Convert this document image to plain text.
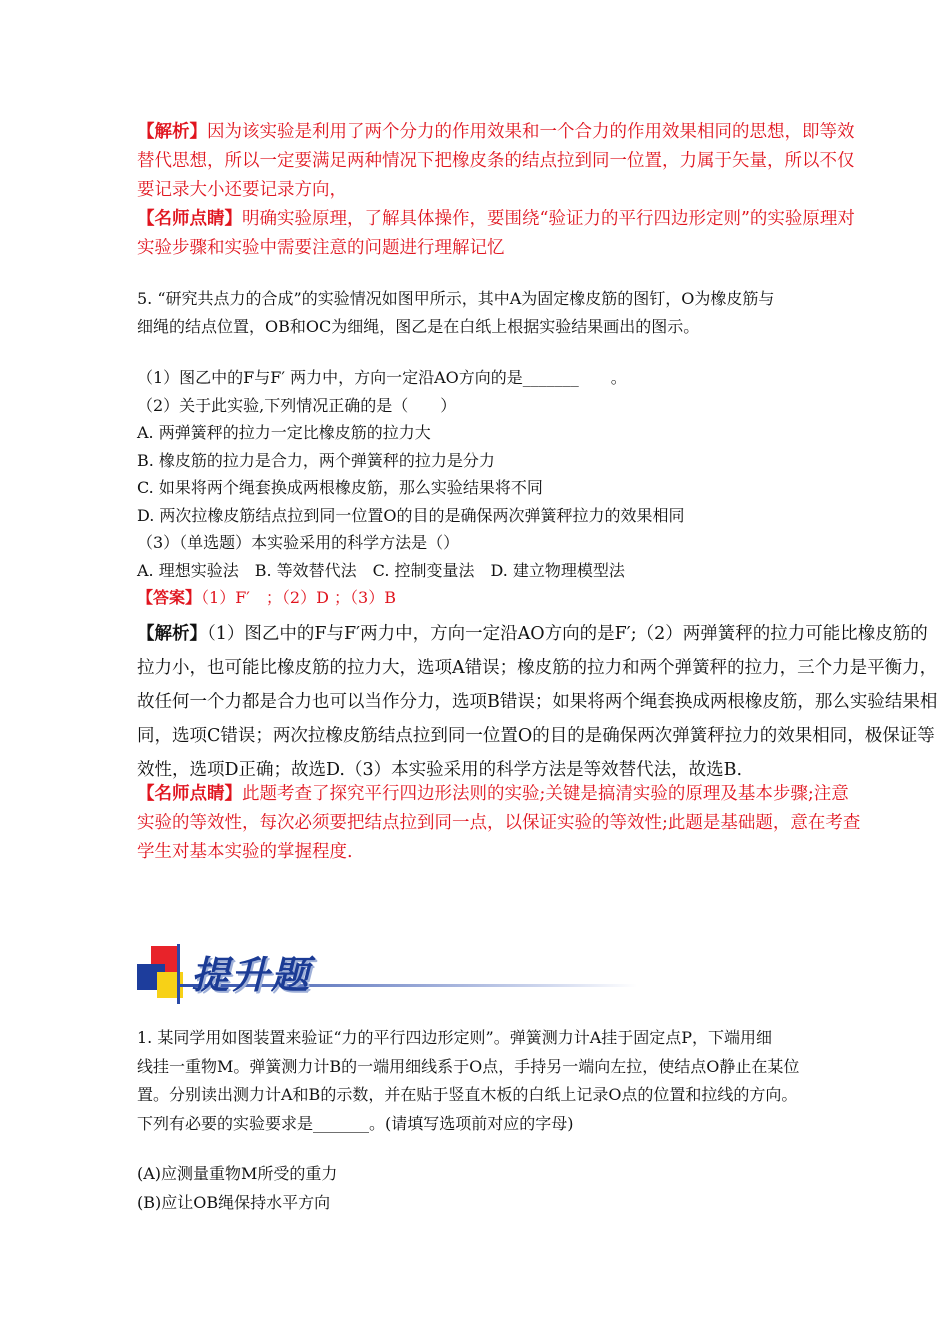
【解析】因为该实验是利用了两个分力的作用效果和一个合力的作用效果相同的思想，即等效
替代思想，所以一定要满足两种情况下把橡皮条的结点拉到同一位置，力属于矢量，所以不仅
要记录大小还要记录方向，
【名师点睛】明确实验原理，了解具体操作，要围绕“验证力的平行四边形定则”的实验原理对
实验步骤和实验中需要注意的问题进行理解记忆
5. “研究共点力的合成”的实验情况如图甲所示，其中A为固定橡皮筋的图钉，O为橡皮筋与
细绳的结点位置，OB和OC为细绳，图乙是在白纸上根据实验结果画出的图示。
（1）图乙中的F与F′ 两力中，方向一定沿AO方向的是_______　　。
（2）关于此实验,下列情况正确的是（　　）
A. 两弹簧秤的拉力一定比橡皮筋的拉力大
B. 橡皮筋的拉力是合力，两个弹簧秤的拉力是分力
C. 如果将两个绳套换成两根橡皮筋，那么实验结果将不同
D. 两次拉橡皮筋结点拉到同一位置O的目的是确保两次弹簧秤拉力的效果相同
（3）（单选题）本实验采用的科学方法是（）
A. 理想实验法　B. 等效替代法　C. 控制变量法　D. 建立物理模型法
【答案】（1）F′　；（2）D ；（3）B
【解析】（1）图乙中的F与F′两力中，方向一定沿AO方向的是F′;（2）两弹簧秤的拉力可能比橡皮筋的
拉力小，也可能比橡皮筋的拉力大，选项A错误；橡皮筋的拉力和两个弹簧秤的拉力，三个力是平衡力，
故任何一个力都是合力也可以当作分力，选项B错误；如果将两个绳套换成两根橡皮筋，那么实验结果相
同，选项C错误；两次拉橡皮筋结点拉到同一位置O的目的是确保两次弹簧秤拉力的效果相同，极保证等
效性，选项D正确；故选D.（3）本实验采用的科学方法是等效替代法，故选B.
【名师点睛】此题考查了探究平行四边形法则的实验;关键是搞清实验的原理及基本步骤;注意
实验的等效性，每次必须要把结点拉到同一点，以保证实验的等效性;此题是基础题，意在考查
学生对基本实验的掌握程度.
提升题
1. 某同学用如图装置来验证“力的平行四边形定则”。弹簧测力计A挂于固定点P，下端用细
线挂一重物M。弹簧测力计B的一端用细线系于O点，手持另一端向左拉，使结点O静止在某位
置。分别读出测力计A和B的示数，并在贴于竖直木板的白纸上记录O点的位置和拉线的方向。
下列有必要的实验要求是_______。(请填写选项前对应的字母)
(A)应测量重物M所受的重力
(B)应让OB绳保持水平方向
